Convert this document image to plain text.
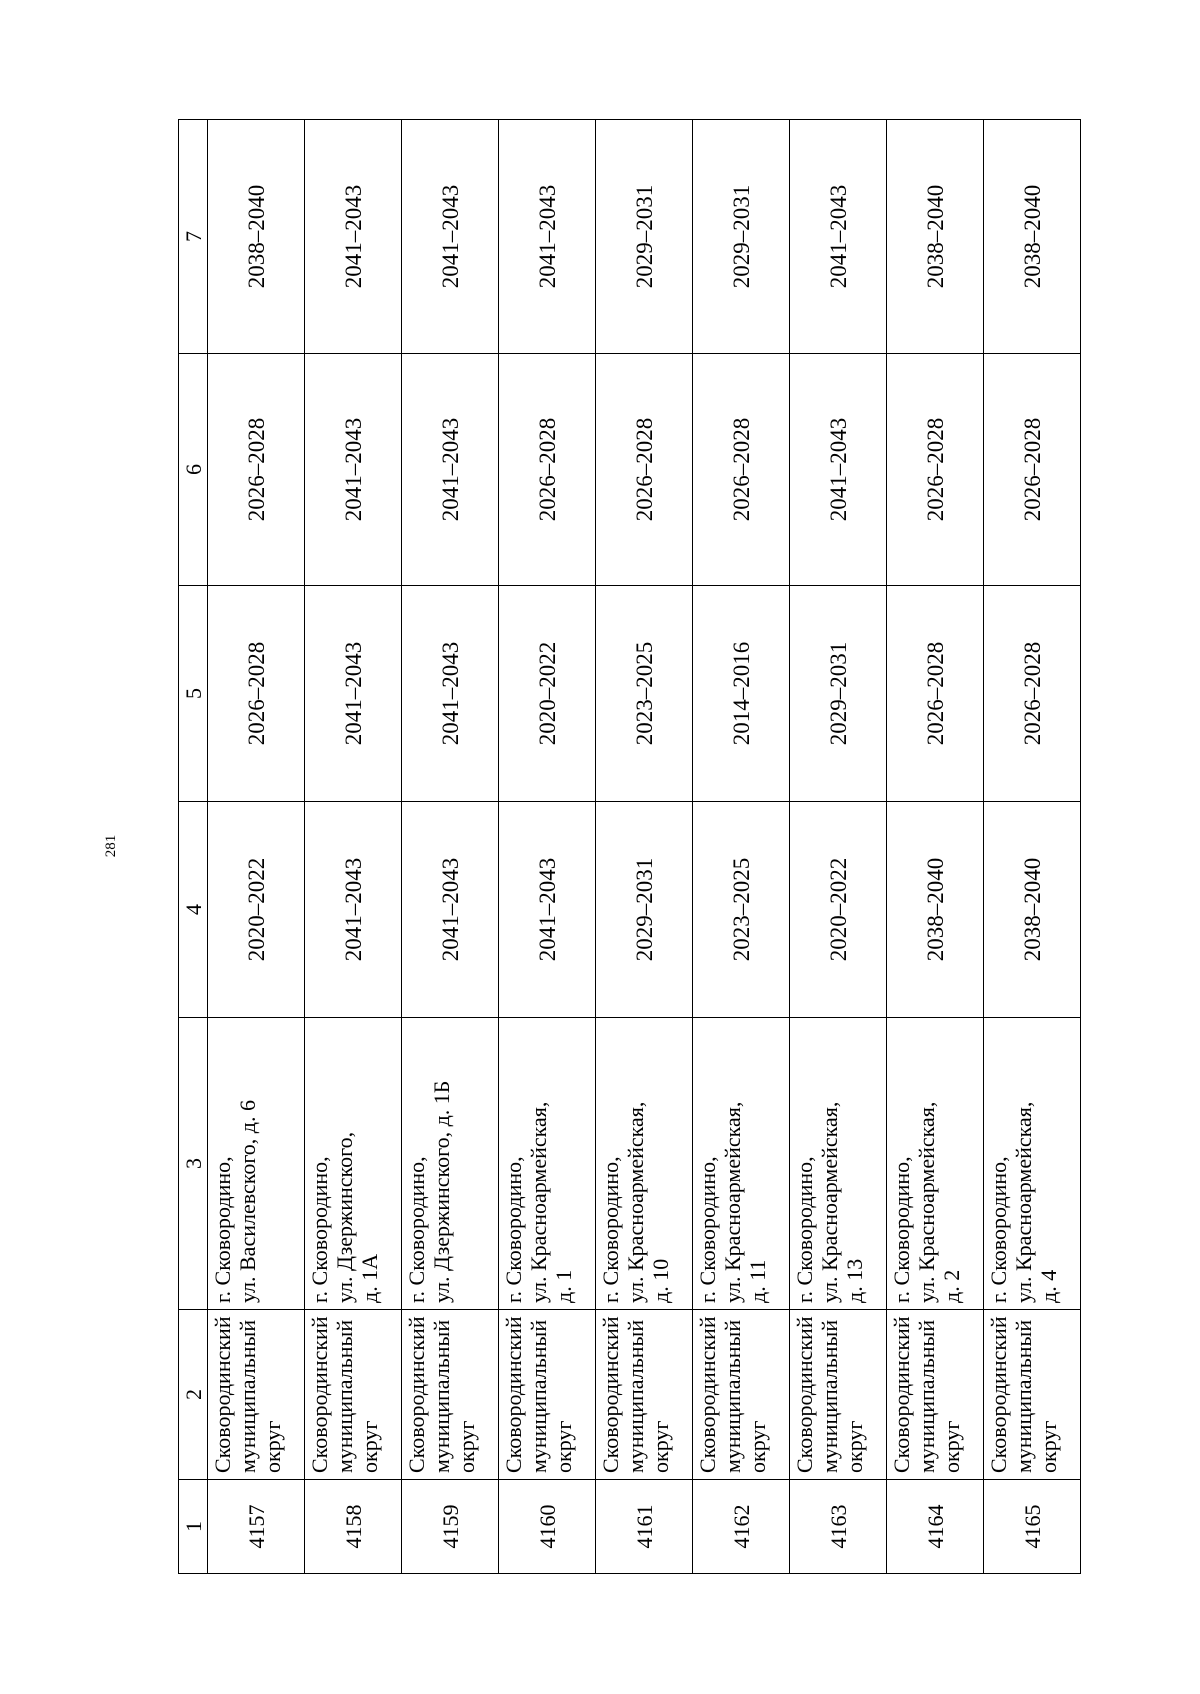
281
1	2	3	4	5	6	7
4157	Сковородинский
муниципальный
округ	г. Сковородино,
ул. Василевского, д. 6	2020–2022	2026–2028	2026–2028	2038–2040
4158	Сковородинский
муниципальный
округ	г. Сковородино,
ул. Дзержинского,
д. 1А	2041–2043	2041–2043	2041–2043	2041–2043
4159	Сковородинский
муниципальный
округ	г. Сковородино,
ул. Дзержинского, д. 1Б	2041–2043	2041–2043	2041–2043	2041–2043
4160	Сковородинский
муниципальный
округ	г. Сковородино,
ул. Красноармейская,
д. 1	2041–2043	2020–2022	2026–2028	2041–2043
4161	Сковородинский
муниципальный
округ	г. Сковородино,
ул. Красноармейская,
д. 10	2029–2031	2023–2025	2026–2028	2029–2031
4162	Сковородинский
муниципальный
округ	г. Сковородино,
ул. Красноармейская,
д. 11	2023–2025	2014–2016	2026–2028	2029–2031
4163	Сковородинский
муниципальный
округ	г. Сковородино,
ул. Красноармейская,
д. 13	2020–2022	2029–2031	2041–2043	2041–2043
4164	Сковородинский
муниципальный
округ	г. Сковородино,
ул. Красноармейская,
д. 2	2038–2040	2026–2028	2026–2028	2038–2040
4165	Сковородинский
муниципальный
округ	г. Сковородино,
ул. Красноармейская,
д. 4	2038–2040	2026–2028	2026–2028	2038–2040
